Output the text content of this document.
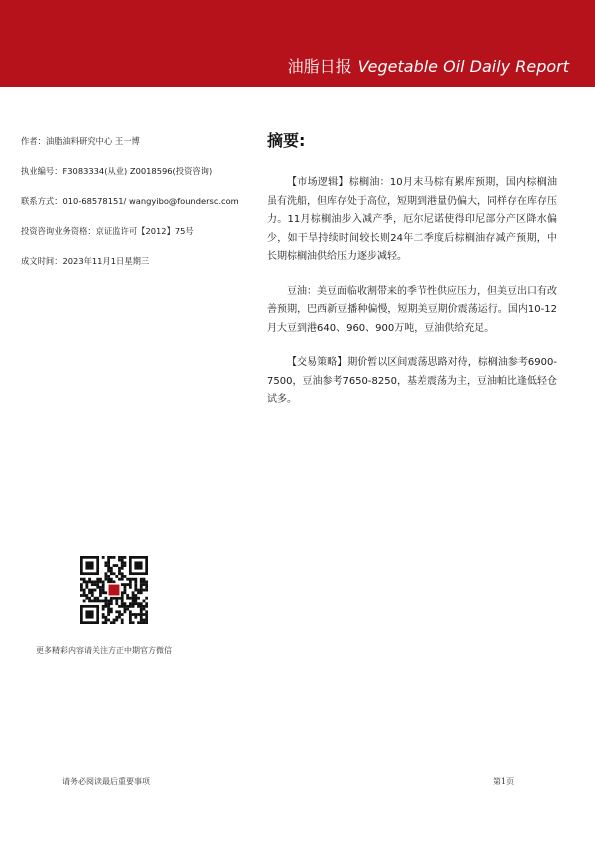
油脂日报 Vegetable Oil Daily Report
作者：油脂油料研究中心 王一博
执业编号：F3083334(从业) Z0018596(投资咨询)
联系方式：010-68578151/ wangyibo@foundersc.com
投资咨询业务资格：京证监许可【2012】75号
成文时间：2023年11月1日星期三
摘要:

【市场逻辑】棕榈油：10月末马棕有累库预期，国内棕榈油虽有洗船，但库存处于高位，短期到港量仍偏大，同样存在库存压力。11月棕榈油步入减产季，厄尔尼诺使得印尼部分产区降水偏少，如干旱持续时间较长则24年二季度后棕榈油存减产预期，中长期棕榈油供给压力逐步减轻。

豆油：美豆面临收割带来的季节性供应压力，但美豆出口有改善预期，巴西新豆播种偏慢，短期美豆期价震荡运行。国内10-12月大豆到港640、960、900万吨，豆油供给充足。

【交易策略】期价暂以区间震荡思路对待，棕榈油参考6900-7500，豆油参考7650-8250，基差震荡为主，豆油帕比逢低轻仓试多。

更多精彩内容请关注方正中期官方微信
请务必阅读最后重要事项	第1页
